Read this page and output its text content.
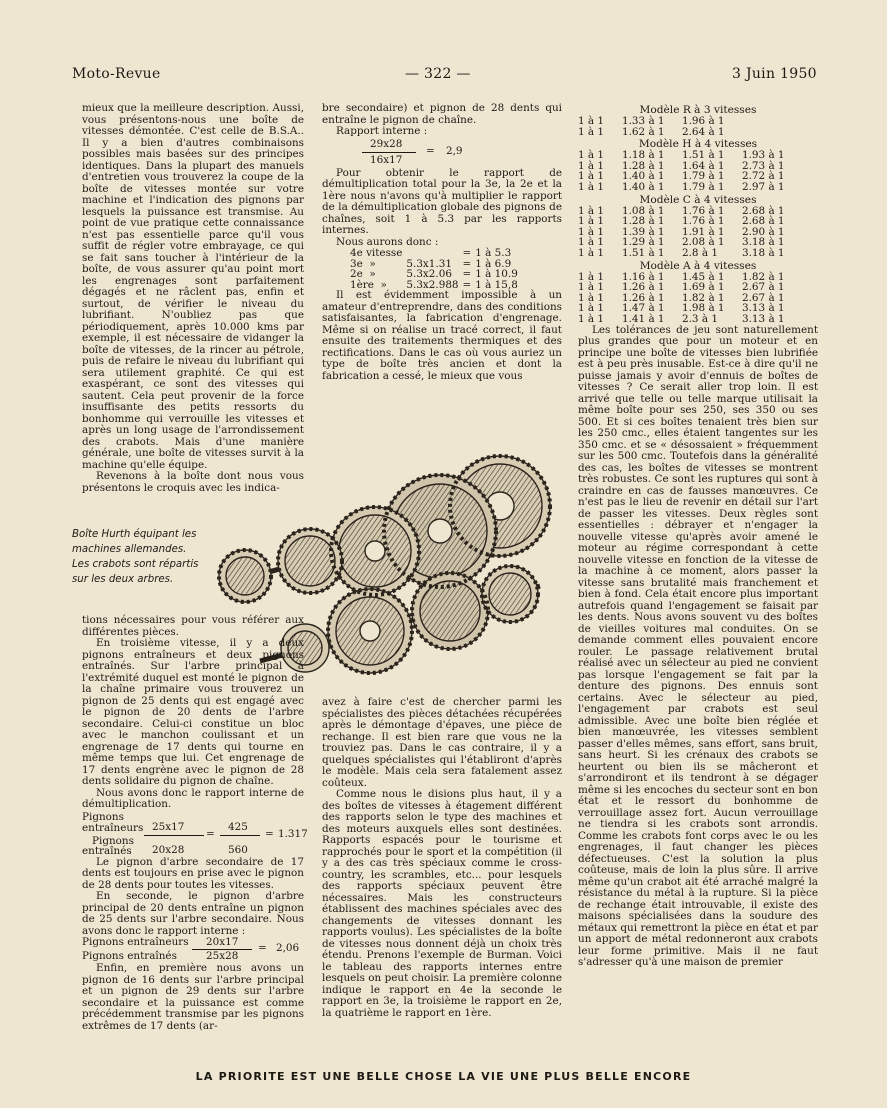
Moto-Revue	— 322 —	3 Juin 1950

mieux que la meilleure description. Aussi, vous présentons-nous une boîte de vitesses démontée. C'est celle de B.S.A.. Il y a bien d'autres combinaisons possibles mais basées sur des principes identiques. Dans la plupart des manuels d'entretien vous trouverez la coupe de la boîte de vitesses montée sur votre machine et l'indication des pignons par lesquels la puissance est transmise. Au point de vue pratique cette connaissance n'est pas essentielle parce qu'il vous suffit de régler votre embrayage, ce qui se fait sans toucher à l'intérieur de la boîte, de vous assurer qu'au point mort les engrenages sont parfaitement dégagés et ne râclent pas, enfin et surtout, de vérifier le niveau du lubrifiant. N'oubliez pas que périodiquement, après 10.000 kms par exemple, il est nécessaire de vidanger la boîte de vitesses, de la rincer au pétrole, puis de refaire le niveau du lubrifiant qui sera utilement graphité. Ce qui est exaspérant, ce sont des vitesses qui sautent. Cela peut provenir de la force insuffisante des petits ressorts du bonhomme qui verrouille les vitesses et après un long usage de l'arrondissement des crabots. Mais d'une manière générale, une boîte de vitesses survit à la machine qu'elle équipe.

Revenons à la boîte dont nous vous présentons le croquis avec les indica-

Boîte Hurth équipant les machines allemandes. Les crabots sont répartis sur les deux arbres.

tions nécessaires pour vous référer aux différentes pièces.

En troisième vitesse, il y a deux pignons entraîneurs et deux pignons entraînés. Sur l'arbre principal à l'extrémité duquel est monté le pignon de la chaîne primaire vous trouverez un pignon de 25 dents qui est engagé avec le pignon de 20 dents de l'arbre secondaire. Celui-ci constitue un bloc avec le manchon coulissant et un engrenage de 17 dents qui tourne en même temps que lui. Cet engrenage de 17 dents engrène avec le pignon de 28 dents solidaire du pignon de chaîne.

Nous avons donc le rapport interne de démultiplication.

Pignons
entraîneurs
Pignons
entraînés
25x17
20x28
=
425
560
= 1.317

Le pignon d'arbre secondaire de 17 dents est toujours en prise avec le pignon de 28 dents pour toutes les vitesses.

En seconde, le pignon d'arbre principal de 20 dents entraîne un pignon de 25 dents sur l'arbre secondaire. Nous avons donc le rapport interne :

Pignons entraîneurs 20x17
Pignons entraînés	25x28
= 2,06

Enfin, en première nous avons un pignon de 16 dents sur l'arbre principal et un pignon de 29 dents sur l'arbre secondaire et la puissance est comme précédemment transmise par les pignons extrêmes de 17 dents (ar-

bre secondaire) et pignon de 28 dents qui entraîne le pignon de chaîne.

Rapport interne :

29x28
16x17
= 2,9

Pour obtenir le rapport de démultiplication total pour la 3e, la 2e et la 1ère nous n'avons qu'à multiplier le rapport de la démultiplication globale des pignons de chaînes, soit 1 à 5.3 par les rapports internes.

Nous aurons donc :

4e vitesse		=	1 à 5.3
3e  »	5.3x1.31	=	1 à 6.9
2e  »	5.3x2.06	=	1 à 10.9
1ère  »	5.3x2.988	=	1 à 15,8

Il est évidemment impossible à un amateur d'entreprendre, dans des conditions satisfaisantes, la fabrication d'engrenage. Même si on réalise un tracé correct, il faut ensuite des traitements thermiques et des rectifications. Dans le cas où vous auriez un type de boîte très ancien et dont la fabrication a cessé, le mieux que vous

avez à faire c'est de chercher parmi les spécialistes des pièces détachées récupérées après le démontage d'épaves, une pièce de rechange. Il est bien rare que vous ne la trouviez pas. Dans le cas contraire, il y a quelques spécialistes qui l'établiront d'après le modèle. Mais cela sera fatalement assez coûteux.

Comme nous le disions plus haut, il y a des boîtes de vitesses à étagement différent des rapports selon le type des machines et des moteurs auxquels elles sont destinées. Rapports espacés pour le tourisme et rapprochés pour le sport et la compétition (il y a des cas très spéciaux comme le cross-country, les scrambles, etc... pour lesquels des rapports spéciaux peuvent être nécessaires. Mais les constructeurs établissent des machines spéciales avec des changements de vitesses donnant les rapports voulus). Les spécialistes de la boîte de vitesses nous donnent déjà un choix très étendu. Prenons l'exemple de Burman. Voici le tableau des rapports internes entre lesquels on peut choisir. La première colonne indique le rapport en 4e la seconde le rapport en 3e, la troisième le rapport en 2e, la quatrième le rapport en 1ère.

Modèle R à 3 vitesses
1 à 1	1.33 à 1	1.96 à 1	
1 à 1	1.62 à 1	2.64 à 1	
Modèle H à 4 vitesses
1 à 1	1.18 à 1	1.51 à 1	1.93 à 1
1 à 1	1.28 à 1	1.64 à 1	2.73 à 1
1 à 1	1.40 à 1	1.79 à 1	2.72 à 1
1 à 1	1.40 à 1	1.79 à 1	2.97 à 1
Modèle C à 4 vitesses
1 à 1	1.08 à 1	1.76 à 1	2.68 à 1
1 à 1	1.28 à 1	1.76 à 1	2.68 à 1
1 à 1	1.39 à 1	1.91 à 1	2.90 à 1
1 à 1	1.29 à 1	2.08 à 1	3.18 à 1
1 à 1	1.51 à 1	2.8 à 1	3.18 à 1
Modèle A à 4 vitesses
1 à 1	1.16 à 1	1.45 à 1	1.82 à 1
1 à 1	1.26 à 1	1.69 à 1	2.67 à 1
1 à 1	1.26 à 1	1.82 à 1	2.67 à 1
1 à 1	1.47 à 1	1.98 à 1	3.13 à 1
1 à 1	1.41 à 1	2.3 à 1	3.13 à 1

Les tolérances de jeu sont naturellement plus grandes que pour un moteur et en principe une boîte de vitesses bien lubrifiée est à peu près inusable. Est-ce à dire qu'il ne puisse jamais y avoir d'ennuis de boîtes de vitesses ? Ce serait aller trop loin. Il est arrivé que telle ou telle marque utilisait la même boîte pour ses 250, ses 350 ou ses 500. Et si ces boîtes tenaient très bien sur les 250 cmc., elles étaient tangentes sur les 350 cmc. et se « désossaient » fréquemment sur les 500 cmc. Toutefois dans la généralité des cas, les boîtes de vitesses se montrent très robustes. Ce sont les ruptures qui sont à craindre en cas de fausses manœuvres. Ce n'est pas le lieu de revenir en détail sur l'art de passer les vitesses. Deux règles sont essentielles : débrayer et n'engager la nouvelle vitesse qu'après avoir amené le moteur au régime correspondant à cette nouvelle vitesse en fonction de la vitesse de la machine à ce moment, alors passer la vitesse sans brutalité mais franchement et bien à fond. Cela était encore plus important autrefois quand l'engagement se faisait par les dents. Nous avons souvent vu des boîtes de vieilles voitures mal conduites. On se demande comment elles pouvaient encore rouler. Le passage relativement brutal réalisé avec un sélecteur au pied ne convient pas lorsque l'engagement se fait par la denture des pignons. Des ennuis sont certains. Avec le sélecteur au pied, l'engagement par crabots est seul admissible. Avec une boîte bien réglée et bien manœuvrée, les vitesses semblent passer d'elles mêmes, sans effort, sans bruit, sans heurt. Si les crénaux des crabots se heurtent ou bien ils se mâcheront et s'arrondiront et ils tendront à se dégager même si les encoches du secteur sont en bon état et le ressort du bonhomme de verrouillage assez fort. Aucun verrouillage ne tiendra si les crabots sont arrondis. Comme les crabots font corps avec le ou les engrenages, il faut changer les pièces défectueuses. C'est la solution la plus coûteuse, mais de loin la plus sûre. Il arrive même qu'un crabot ait été arraché malgré la résistance du métal à la rupture. Si la pièce de rechange était introuvable, il existe des maisons spécialisées dans la soudure des métaux qui remettront la pièce en état et par un apport de métal redonneront aux crabots leur forme primitive. Mais il ne faut s'adresser qu'à une maison de premier

LA PRIORITE EST UNE BELLE CHOSE LA VIE UNE PLUS BELLE ENCORE
